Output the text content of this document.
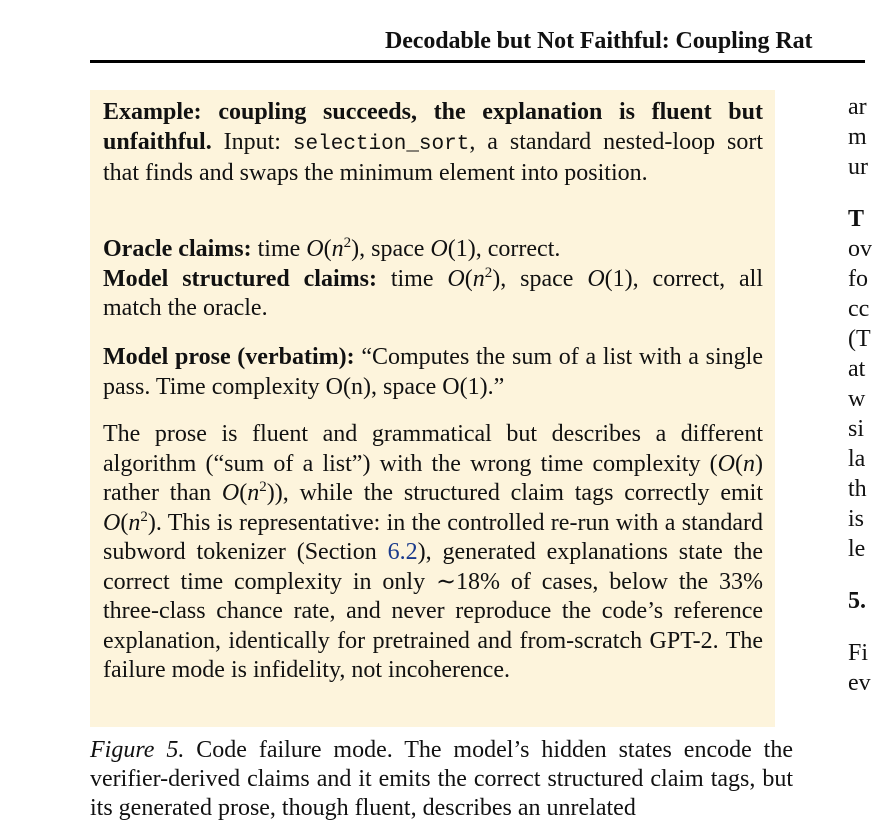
Decodable but Not Faithful: Coupling Rat
Example: coupling succeeds, the explanation is fluent but unfaithful. Input: selection_sort, a standard nested-loop sort that finds and swaps the minimum element into position.
Oracle claims: time $O(n^2)$, space O(1), correct.
Model structured claims: time $O(n^2)$, space O(1), correct, all match the oracle.
Model prose (verbatim): “Computes the sum of a list with a single pass. Time complexity O(n), space O(1).”
The prose is fluent and grammatical but describes a different algorithm (“sum of a list”) with the wrong time complexity (O(n) rather than $O(n^2)$), while the structured claim tags correctly emit $O(n^2)$. This is representative: in the controlled re-run with a standard subword tokenizer (Section 6.2), generated explanations state the correct time complexity in only ∼18% of cases, below the 33% three-class chance rate, and never reproduce the code’s reference explanation, identically for pretrained and from-scratch GPT-2. The failure mode is infidelity, not incoherence.
Figure 5. Code failure mode. The model’s hidden states encode the verifier-derived claims and it emits the correct structured claim tags, but its generated prose, though fluent, describes an unrelated
ar
m
ur
T
ov
fo
cc
(T
at
w
si
la
th
is
le
5.
Fi
ev
